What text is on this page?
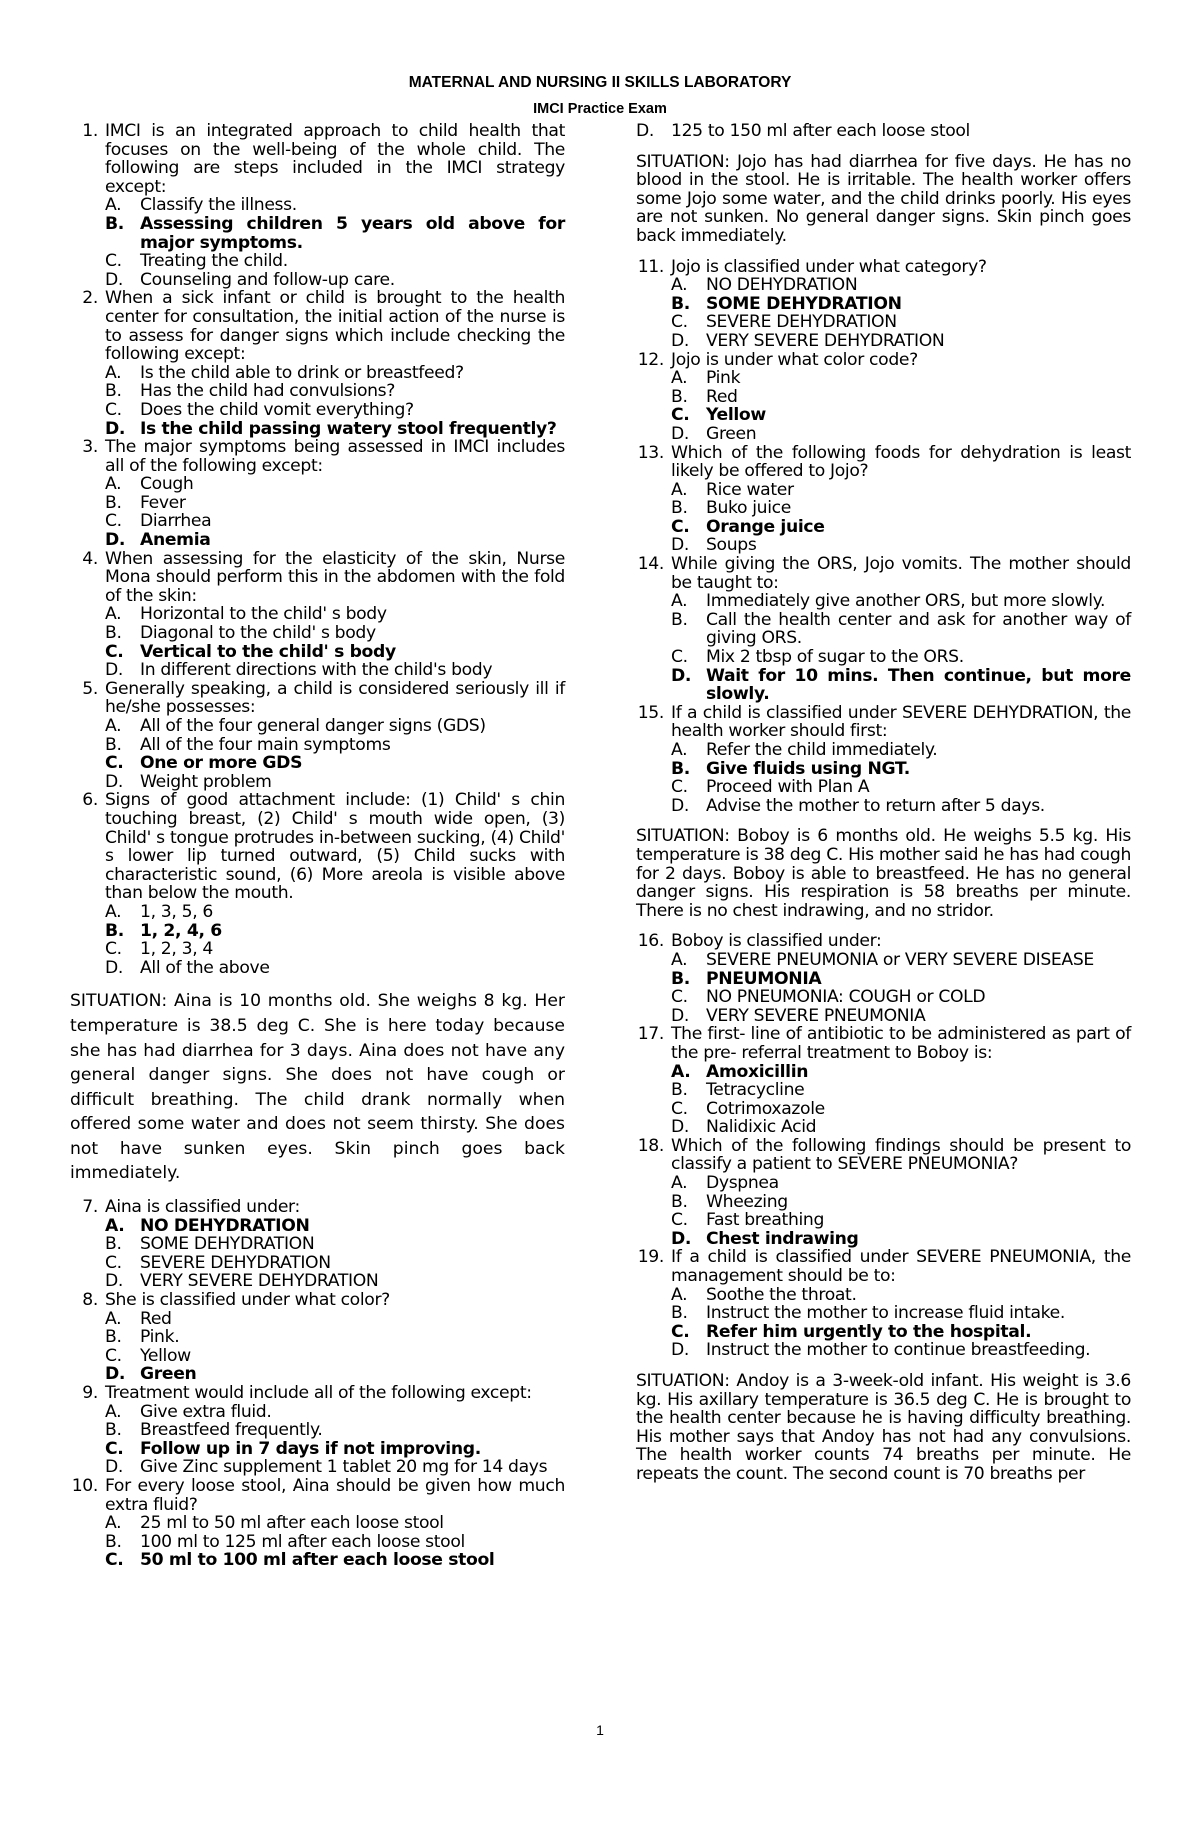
MATERNAL AND NURSING II SKILLS LABORATORY
IMCI Practice Exam
1. IMCI is an integrated approach to child health that focuses on the well-being of the whole child. The following are steps included in the IMCI strategy except:
A. Classify the illness.
B. Assessing children 5 years old above for major symptoms.
C. Treating the child.
D. Counseling and follow-up care.
2. When a sick infant or child is brought to the health center for consultation, the initial action of the nurse is to assess for danger signs which include checking the following except:
A. Is the child able to drink or breastfeed?
B. Has the child had convulsions?
C. Does the child vomit everything?
D. Is the child passing watery stool frequently?
3. The major symptoms being assessed in IMCI includes all of the following except:
A. Cough
B. Fever
C. Diarrhea
D. Anemia
4. When assessing for the elasticity of the skin, Nurse Mona should perform this in the abdomen with the fold of the skin:
A. Horizontal to the child' s body
B. Diagonal to the child' s body
C. Vertical to the child' s body
D. In different directions with the child's body
5. Generally speaking, a child is considered seriously ill if he/she possesses:
A. All of the four general danger signs (GDS)
B. All of the four main symptoms
C. One or more GDS
D. Weight problem
6. Signs of good attachment include: (1) Child' s chin touching breast, (2) Child' s mouth wide open, (3) Child' s tongue protrudes in-between sucking, (4) Child' s lower lip turned outward, (5) Child sucks with characteristic sound, (6) More areola is visible above than below the mouth.
A. 1, 3, 5, 6
B. 1, 2, 4, 6
C. 1, 2, 3, 4
D. All of the above

SITUATION: Aina is 10 months old. She weighs 8 kg. Her temperature is 38.5 deg C. She is here today because she has had diarrhea for 3 days. Aina does not have any general danger signs. She does not have cough or difficult breathing. The child drank normally when offered some water and does not seem thirsty. She does not have sunken eyes. Skin pinch goes back immediately.

7. Aina is classified under:
A. NO DEHYDRATION
B. SOME DEHYDRATION
C. SEVERE DEHYDRATION
D. VERY SEVERE DEHYDRATION
8. She is classified under what color?
A. Red
B. Pink.
C. Yellow
D. Green
9. Treatment would include all of the following except:
A. Give extra fluid.
B. Breastfeed frequently.
C. Follow up in 7 days if not improving.
D. Give Zinc supplement 1 tablet 20 mg for 14 days
10. For every loose stool, Aina should be given how much extra fluid?
A. 25 ml to 50 ml after each loose stool
B. 100 ml to 125 ml after each loose stool
C. 50 ml to 100 ml after each loose stool
D. 125 to 150 ml after each loose stool

SITUATION: Jojo has had diarrhea for five days. He has no blood in the stool. He is irritable. The health worker offers some Jojo some water, and the child drinks poorly. His eyes are not sunken. No general danger signs. Skin pinch goes back immediately.

11. Jojo is classified under what category?
A. NO DEHYDRATION
B. SOME DEHYDRATION
C. SEVERE DEHYDRATION
D. VERY SEVERE DEHYDRATION
12. Jojo is under what color code?
A. Pink
B. Red
C. Yellow
D. Green
13. Which of the following foods for dehydration is least likely be offered to Jojo?
A. Rice water
B. Buko juice
C. Orange juice
D. Soups
14. While giving the ORS, Jojo vomits. The mother should be taught to:
A. Immediately give another ORS, but more slowly.
B. Call the health center and ask for another way of giving ORS.
C. Mix 2 tbsp of sugar to the ORS.
D. Wait for 10 mins. Then continue, but more slowly.
15. If a child is classified under SEVERE DEHYDRATION, the health worker should first:
A. Refer the child immediately.
B. Give fluids using NGT.
C. Proceed with Plan A
D. Advise the mother to return after 5 days.

SITUATION: Boboy is 6 months old. He weighs 5.5 kg. His temperature is 38 deg C. His mother said he has had cough for 2 days. Boboy is able to breastfeed. He has no general danger signs. His respiration is 58 breaths per minute. There is no chest indrawing, and no stridor.

16. Boboy is classified under:
A. SEVERE PNEUMONIA or VERY SEVERE DISEASE
B. PNEUMONIA
C. NO PNEUMONIA: COUGH or COLD
D. VERY SEVERE PNEUMONIA
17. The first- line of antibiotic to be administered as part of the pre- referral treatment to Boboy is:
A. Amoxicillin
B. Tetracycline
C. Cotrimoxazole
D. Nalidixic Acid
18. Which of the following findings should be present to classify a patient to SEVERE PNEUMONIA?
A. Dyspnea
B. Wheezing
C. Fast breathing
D. Chest indrawing
19. If a child is classified under SEVERE PNEUMONIA, the management should be to:
A. Soothe the throat.
B. Instruct the mother to increase fluid intake.
C. Refer him urgently to the hospital.
D. Instruct the mother to continue breastfeeding.

SITUATION: Andoy is a 3-week-old infant. His weight is 3.6 kg. His axillary temperature is 36.5 deg C. He is brought to the health center because he is having difficulty breathing. His mother says that Andoy has not had any convulsions. The health worker counts 74 breaths per minute. He repeats the count. The second count is 70 breaths per

1
